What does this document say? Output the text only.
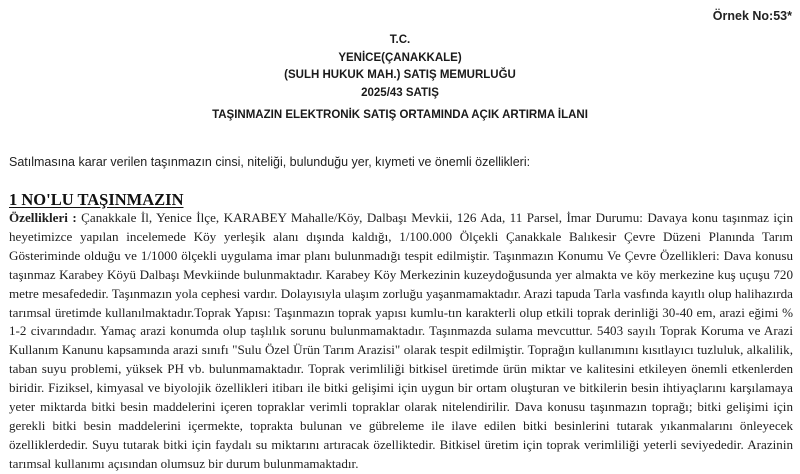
Örnek No:53*
T.C.
YENİCE(ÇANAKKALE)
(SULH HUKUK MAH.) SATIŞ MEMURLUĞU
2025/43 SATIŞ
TAŞINMAZIN ELEKTRONİK SATIŞ ORTAMINDA AÇIK ARTIRMA İLANI
Satılmasına karar verilen taşınmazın cinsi, niteliği, bulunduğu yer, kıymeti ve önemli özellikleri:
1 NO'LU TAŞINMAZIN
Özellikleri : Çanakkale İl, Yenice İlçe, KARABEY Mahalle/Köy, Dalbaşı Mevkii, 126 Ada, 11 Parsel, İmar Durumu: Davaya konu taşınmaz için heyetimizce yapılan incelemede Köy yerleşik alanı dışında kaldığı, 1/100.000 Ölçekli Çanakkale Balıkesir Çevre Düzeni Planında Tarım Gösteriminde olduğu ve 1/1000 ölçekli uygulama imar planı bulunmadığı tespit edilmiştir. Taşınmazın Konumu Ve Çevre Özellikleri: Dava konusu taşınmaz Karabey Köyü Dalbaşı Mevkiinde bulunmaktadır. Karabey Köy Merkezinin kuzeydoğusunda yer almakta ve köy merkezine kuş uçuşu 720 metre mesafededir. Taşınmazın yola cephesi vardır. Dolayısıyla ulaşım zorluğu yaşanmamaktadır. Arazi tapuda Tarla vasfında kayıtlı olup halihazırda tarımsal üretimde kullanılmaktadır.Toprak Yapısı: Taşınmazın toprak yapısı kumlu-tın karakterli olup etkili toprak derinliği 30-40 em, arazi eğimi % 1-2 civarındadır. Yamaç arazi konumda olup taşlılık sorunu bulunmamaktadır. Taşınmazda sulama mevcuttur. 5403 sayılı Toprak Koruma ve Arazi Kullanım Kanunu kapsamında arazi sınıfı "Sulu Özel Ürün Tarım Arazisi" olarak tespit edilmiştir. Toprağın kullanımını kısıtlayıcı tuzluluk, alkalilik, taban suyu problemi, yüksek PH vb. bulunmamaktadır. Toprak verimliliği bitkisel üretimde ürün miktar ve kalitesini etkileyen önemli etkenlerden biridir. Fiziksel, kimyasal ve biyolojik özellikleri itibarı ile bitki gelişimi için uygun bir ortam oluşturan ve bitkilerin besin ihtiyaçlarını karşılamaya yeter miktarda bitki besin maddelerini içeren topraklar verimli topraklar olarak nitelendirilir. Dava konusu taşınmazın toprağı; bitki gelişimi için gerekli bitki besin maddelerini içermekte, toprakta bulunan ve gübreleme ile ilave edilen bitki besinlerini tutarak yıkanmalarını önleyecek özelliklerdedir. Suyu tutarak bitki için faydalı su miktarını artıracak özelliktedir. Bitkisel üretim için toprak verimliliği yeterli seviyededir. Arazinin tarımsal kullanımı açısından olumsuz bir durum bulunmamaktadır.
